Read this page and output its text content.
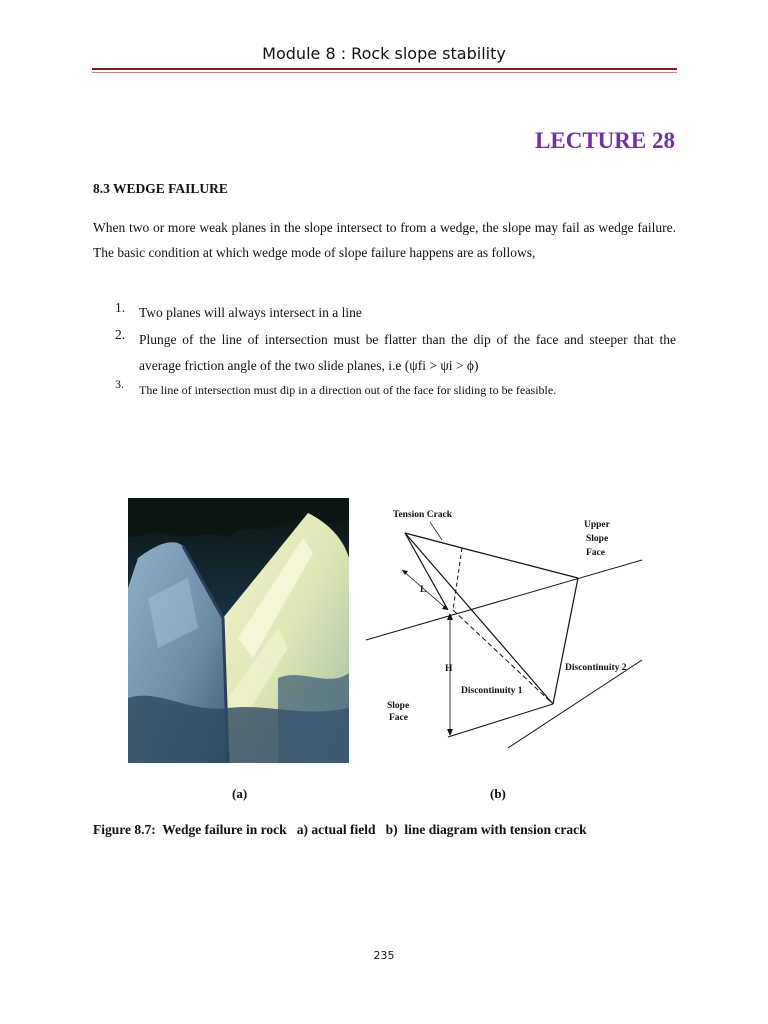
Module 8 : Rock slope stability
LECTURE 28
8.3 WEDGE FAILURE
When two or more weak planes in the slope intersect to from a wedge, the slope may fail as wedge failure. The basic condition at which wedge mode of slope failure happens are as follows,
1. Two planes will always intersect in a line
2. Plunge of the line of intersection must be flatter than the dip of the face and steeper that the average friction angle of the two slide planes, i.e (ψfi > ψi > ϕ)
3. The line of intersection must dip in a direction out of the face for sliding to be feasible.
Tension Crack
Upper
Slope
Face
L
H	Discontinuity 2
Discontinuity 1
Slope
Face
(a)	(b)
Figure 8.7:  Wedge failure in rock   a) actual field   b)  line diagram with tension crack
235
